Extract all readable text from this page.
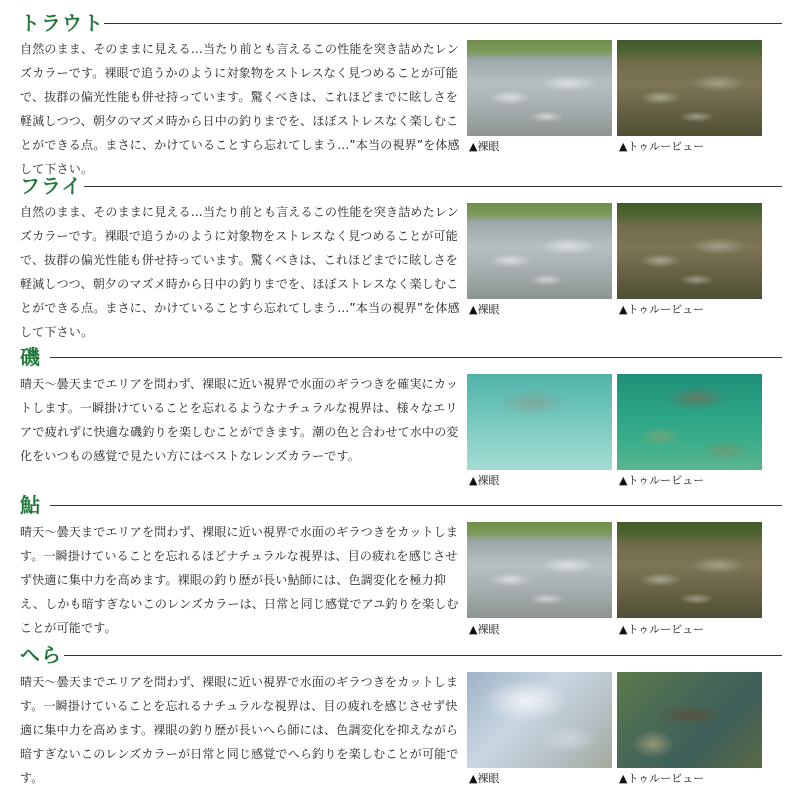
トラウト
自然のまま、そのままに見える…当たり前とも言えるこの性能を突き詰めたレンズカラーです。裸眼で追うかのように対象物をストレスなく見つめることが可能で、抜群の偏光性能も併せ持っています。驚くべきは、これほどまでに眩しさを軽減しつつ、朝夕のマズメ時から日中の釣りまでを、ほぼストレスなく楽しむことができる点。まさに、かけていることすら忘れてしまう…”本当の視界”を体感して下さい。
▲裸眼	▲トゥルービュー
フライ
自然のまま、そのままに見える…当たり前とも言えるこの性能を突き詰めたレンズカラーです。裸眼で追うかのように対象物をストレスなく見つめることが可能で、抜群の偏光性能も併せ持っています。驚くべきは、これほどまでに眩しさを軽減しつつ、朝夕のマズメ時から日中の釣りまでを、ほぼストレスなく楽しむことができる点。まさに、かけていることすら忘れてしまう…”本当の視界”を体感して下さい。
▲裸眼	▲トゥルービュー
磯
晴天～曇天までエリアを問わず、裸眼に近い視界で水面のギラつきを確実にカットします。一瞬掛けていることを忘れるようなナチュラルな視界は、様々なエリアで疲れずに快適な磯釣りを楽しむことができます。潮の色と合わせて水中の変化をいつもの感覚で見たい方にはベストなレンズカラーです。
▲裸眼	▲トゥルービュー
鮎
晴天～曇天までエリアを問わず、裸眼に近い視界で水面のギラつきをカットします。一瞬掛けていることを忘れるほどナチュラルな視界は、目の疲れを感じさせず快適に集中力を高めます。裸眼の釣り歴が長い鮎師には、色調変化を極力抑え、しかも暗すぎないこのレンズカラーは、日常と同じ感覚でアユ釣りを楽しむことが可能です。	▲裸眼	▲トゥルービュー
へら
晴天～曇天までエリアを問わず、裸眼に近い視界で水面のギラつきをカットします。一瞬掛けていることを忘れるナチュラルな視界は、目の疲れを感じさせず快適に集中力を高めます。裸眼の釣り歴が長いへら師には、色調変化を抑えながら暗すぎないこのレンズカラーが日常と同じ感覚でへら釣りを楽しむことが可能です。	▲裸眼	▲トゥルービュー
